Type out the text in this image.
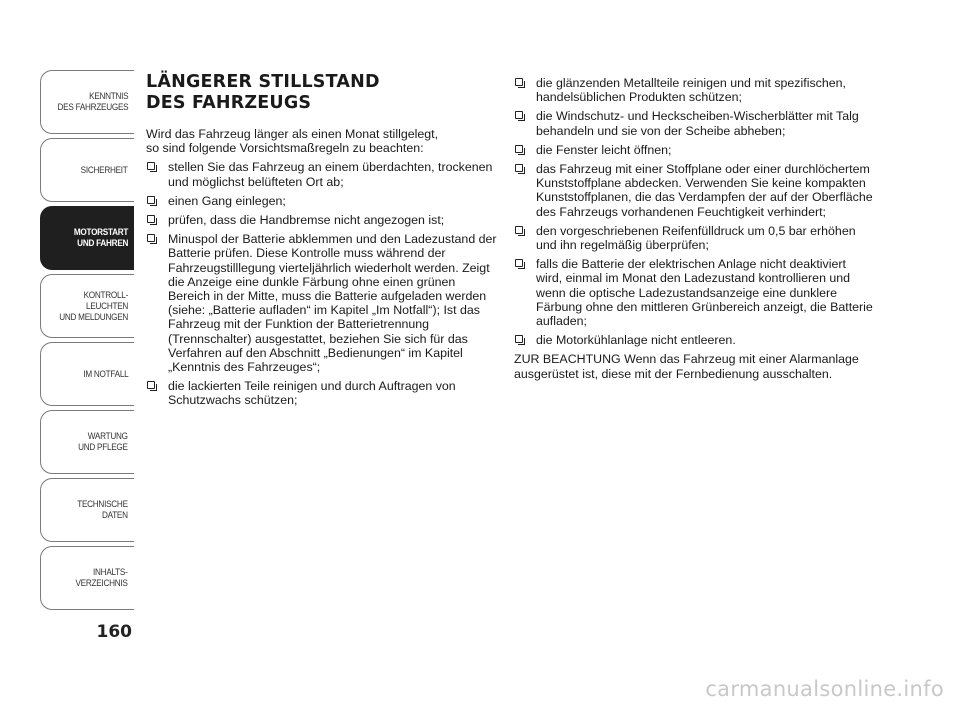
KENNTNIS
DES FAHRZEUGES
SICHERHEIT
MOTORSTART
UND FAHREN
KONTROLL-
LEUCHTEN
UND MELDUNGEN
IM NOTFALL
WARTUNG
UND PFLEGE
TECHNISCHE
DATEN
INHALTS-
VERZEICHNIS
160
LÄNGERER STILLSTAND
DES FAHRZEUGS

Wird das Fahrzeug länger als einen Monat stillgelegt,
so sind folgende Vorsichtsmaßregeln zu beachten:

stellen Sie das Fahrzeug an einem überdachten, trockenen und möglichst belüfteten Ort ab;
einen Gang einlegen;
prüfen, dass die Handbremse nicht angezogen ist;
Minuspol der Batterie abklemmen und den Ladezustand der Batterie prüfen. Diese Kontrolle muss während der Fahrzeugstilllegung vierteljährlich wiederholt werden. Zeigt die Anzeige eine dunkle Färbung ohne einen grünen Bereich in der Mitte, muss die Batterie aufgeladen werden (siehe: „Batterie aufladen“ im Kapitel „Im Notfall“); Ist das Fahrzeug mit der Funktion der Batterietrennung (Trennschalter) ausgestattet, beziehen Sie sich für das Verfahren auf den Abschnitt „Bedienungen“ im Kapitel „Kenntnis des Fahrzeuges“;
die lackierten Teile reinigen und durch Auftragen von Schutzwachs schützen;
die glänzenden Metallteile reinigen und mit spezifischen, handelsüblichen Produkten schützen;
die Windschutz- und Heckscheiben-Wischerblätter mit Talg behandeln und sie von der Scheibe abheben;
die Fenster leicht öffnen;
das Fahrzeug mit einer Stoffplane oder einer durchlöchertem Kunststoffplane abdecken. Verwenden Sie keine kompakten Kunststoffplanen, die das Verdampfen der auf der Oberfläche des Fahrzeugs vorhandenen Feuchtigkeit verhindert;
den vorgeschriebenen Reifenfülldruck um 0,5 bar erhöhen und ihn regelmäßig überprüfen;
falls die Batterie der elektrischen Anlage nicht deaktiviert wird, einmal im Monat den Ladezustand kontrollieren und wenn die optische Ladezustandsanzeige eine dunklere Färbung ohne den mittleren Grünbereich anzeigt, die Batterie aufladen;
die Motorkühlanlage nicht entleeren.

ZUR BEACHTUNG Wenn das Fahrzeug mit einer Alarmanlage ausgerüstet ist, diese mit der Fernbedienung ausschalten.

carmanualsonline.info
